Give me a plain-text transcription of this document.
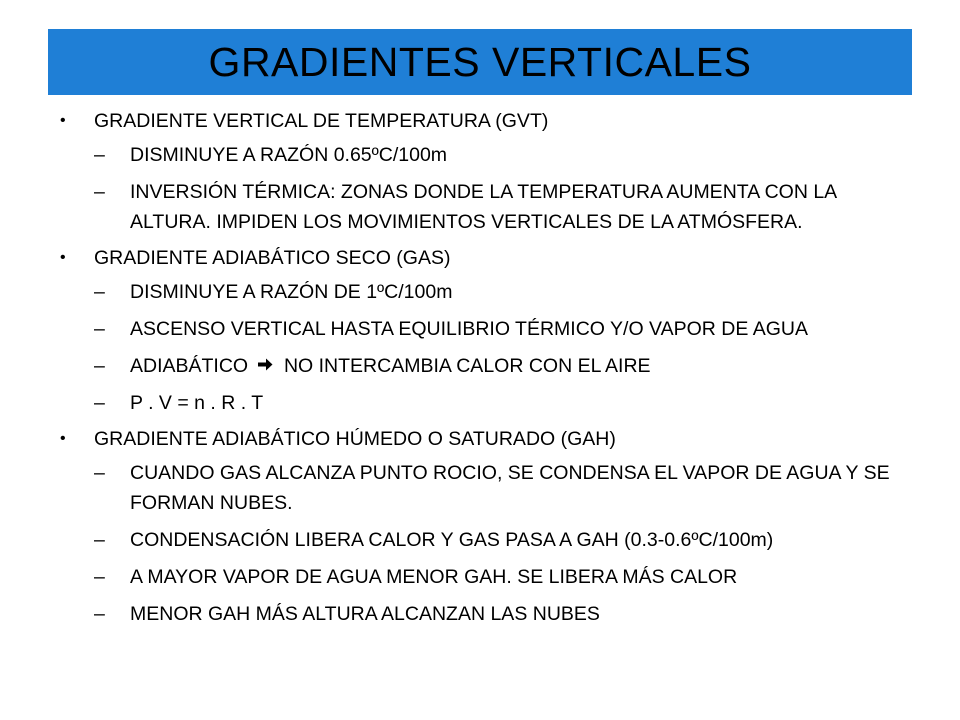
GRADIENTES VERTICALES
• GRADIENTE VERTICAL DE TEMPERATURA (GVT)
– DISMINUYE A RAZÓN 0.65ºC/100m
– INVERSIÓN TÉRMICA: ZONAS DONDE LA TEMPERATURA AUMENTA CON LA ALTURA. IMPIDEN LOS MOVIMIENTOS VERTICALES DE LA ATMÓSFERA.
• GRADIENTE ADIABÁTICO SECO (GAS)
– DISMINUYE A RAZÓN DE 1ºC/100m
– ASCENSO VERTICAL HASTA EQUILIBRIO TÉRMICO Y/O VAPOR DE AGUA
– ADIABÁTICO NO INTERCAMBIA CALOR CON EL AIRE
– P . V = n . R . T
• GRADIENTE ADIABÁTICO HÚMEDO O SATURADO (GAH)
– CUANDO GAS ALCANZA PUNTO ROCIO, SE CONDENSA EL VAPOR DE AGUA Y SE FORMAN NUBES.
– CONDENSACIÓN LIBERA CALOR Y GAS PASA A GAH (0.3-0.6ºC/100m)
– A MAYOR VAPOR DE AGUA MENOR GAH. SE LIBERA MÁS CALOR
– MENOR GAH MÁS ALTURA ALCANZAN LAS NUBES
